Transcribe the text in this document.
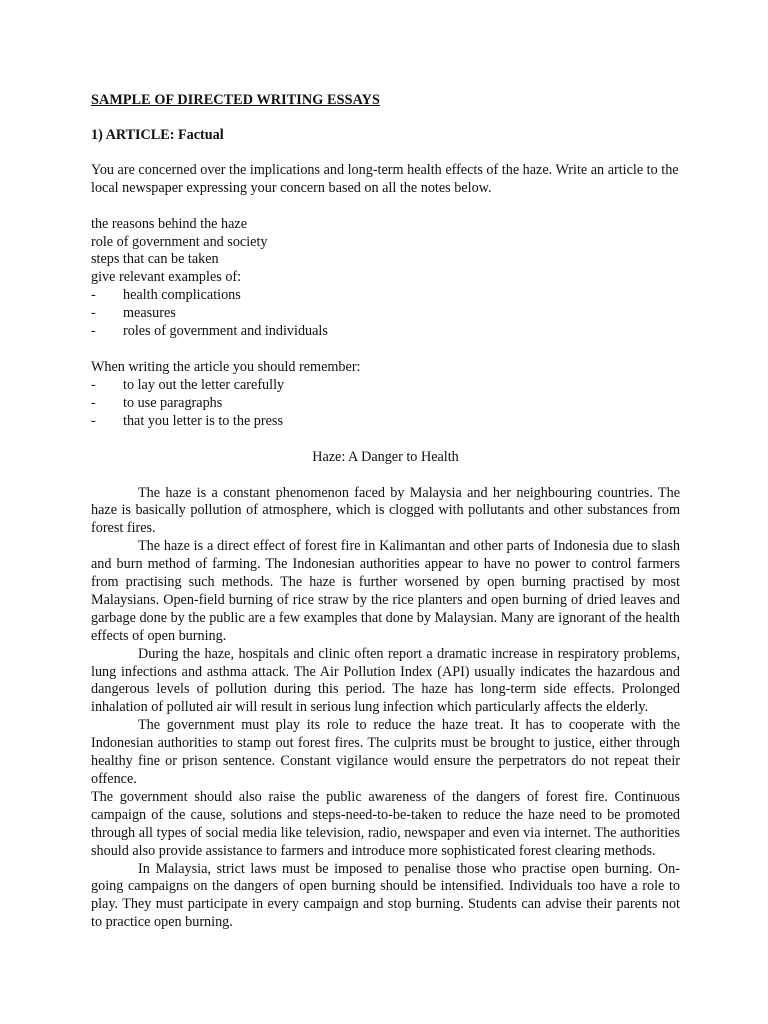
SAMPLE OF DIRECTED WRITING ESSAYS

1) ARTICLE: Factual

You are concerned over the implications and long-term health effects of the haze. Write an article to the local newspaper expressing your concern based on all the notes below.

the reasons behind the haze

role of government and society

steps that can be taken

give relevant examples of:

-	health complications
-	measures
-	roles of government and individuals

When writing the article you should remember:

-	to lay out the letter carefully
-	to use paragraphs
-	that you letter is to the press

Haze: A Danger to Health

The haze is a constant phenomenon faced by Malaysia and her neighbouring countries. The haze is basically pollution of atmosphere, which is clogged with pollutants and other substances from forest fires.

The haze is a direct effect of forest fire in Kalimantan and other parts of Indonesia due to slash and burn method of farming. The Indonesian authorities appear to have no power to control farmers from practising such methods. The haze is further worsened by open burning practised by most Malaysians. Open-field burning of rice straw by the rice planters and open burning of dried leaves and garbage done by the public are a few examples that done by Malaysian. Many are ignorant of the health effects of open burning.

During the haze, hospitals and clinic often report a dramatic increase in respiratory problems, lung infections and asthma attack. The Air Pollution Index (API) usually indicates the hazardous and dangerous levels of pollution during this period. The haze has long-term side effects. Prolonged inhalation of polluted air will result in serious lung infection which particularly affects the elderly.

The government must play its role to reduce the haze treat. It has to cooperate with the Indonesian authorities to stamp out forest fires. The culprits must be brought to justice, either through healthy fine or prison sentence. Constant vigilance would ensure the perpetrators do not repeat their offence.

The government should also raise the public awareness of the dangers of forest fire. Continuous campaign of the cause, solutions and steps-need-to-be-taken to reduce the haze need to be promoted through all types of social media like television, radio, newspaper and even via internet. The authorities should also provide assistance to farmers and introduce more sophisticated forest clearing methods.

In Malaysia, strict laws must be imposed to penalise those who practise open burning. On-going campaigns on the dangers of open burning should be intensified. Individuals too have a role to play. They must participate in every campaign and stop burning. Students can advise their parents not to practice open burning.
